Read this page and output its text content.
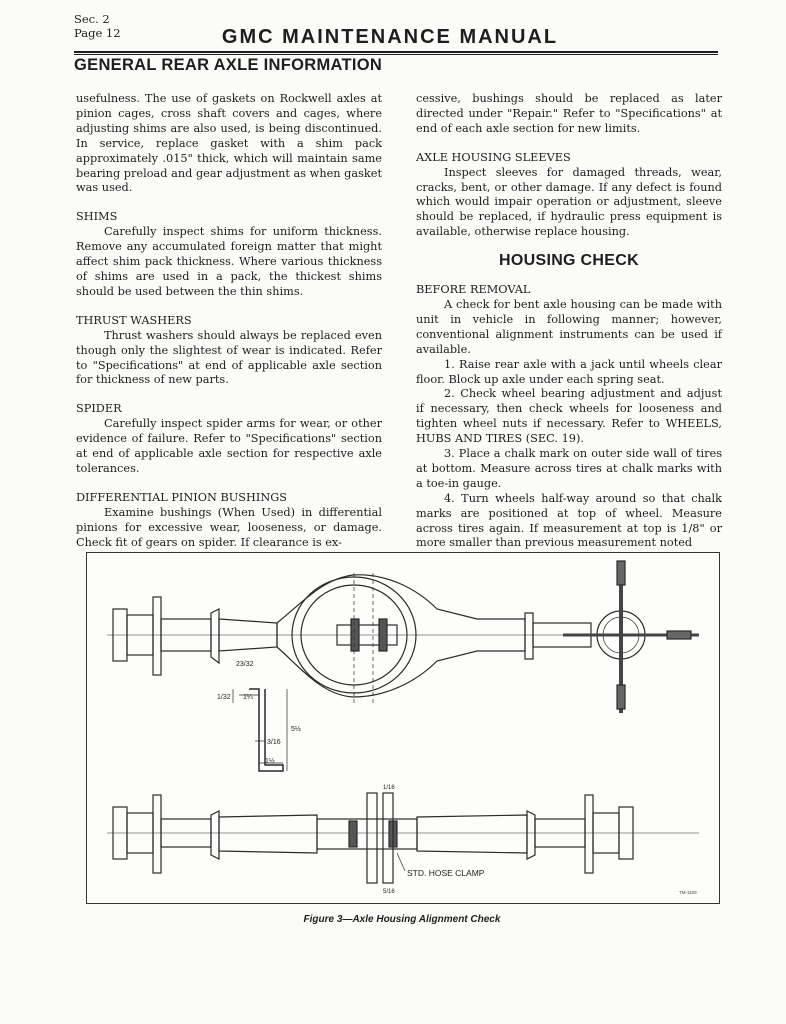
Sec. 2
Page 12	GMC MAINTENANCE MANUAL
GENERAL REAR AXLE INFORMATION

usefulness. The use of gaskets on Rockwell axles at pinion cages, cross shaft covers and cages, where adjusting shims are also used, is being discontinued. In service, replace gasket with a shim pack approximately .015" thick, which will maintain same bearing preload and gear adjustment as when gasket was used.

SHIMS

Carefully inspect shims for uniform thickness. Remove any accumulated foreign matter that might affect shim pack thickness. Where various thickness of shims are used in a pack, the thickest shims should be used between the thin shims.

THRUST WASHERS

Thrust washers should always be replaced even though only the slightest of wear is indicated. Refer to "Specifications" at end of applicable axle section for thickness of new parts.

SPIDER

Carefully inspect spider arms for wear, or other evidence of failure. Refer to "Specifications" section at end of applicable axle section for respective axle tolerances.

DIFFERENTIAL PINION BUSHINGS

Examine bushings (When Used) in differential pinions for excessive wear, looseness, or damage. Check fit of gears on spider. If clearance is ex-

cessive, bushings should be replaced as later directed under "Repair." Refer to "Specifications" at end of each axle section for new limits.

AXLE HOUSING SLEEVES

Inspect sleeves for damaged threads, wear, cracks, bent, or other damage. If any defect is found which would impair operation or adjustment, sleeve should be replaced, if hydraulic press equipment is available, otherwise replace housing.

HOUSING CHECK

BEFORE REMOVAL

A check for bent axle housing can be made with unit in vehicle in following manner; however, conventional alignment instruments can be used if available.

1. Raise rear axle with a jack until wheels clear floor. Block up axle under each spring seat.

2. Check wheel bearing adjustment and adjust if necessary, then check wheels for looseness and tighten wheel nuts if necessary. Refer to WHEELS, HUBS AND TIRES (SEC. 19).

3. Place a chalk mark on outer side wall of tires at bottom. Measure across tires at chalk marks with a toe-in gauge.

4. Turn wheels half-way around so that chalk marks are positioned at top of wheel. Measure across tires again. If measurement at top is 1/8" or more smaller than previous measurement noted

23/32
5½
3/16
1/32
1½
1¼
STD. HOSE CLAMP
1/16
5/16	TM-1109
Figure 3—Axle Housing Alignment Check
